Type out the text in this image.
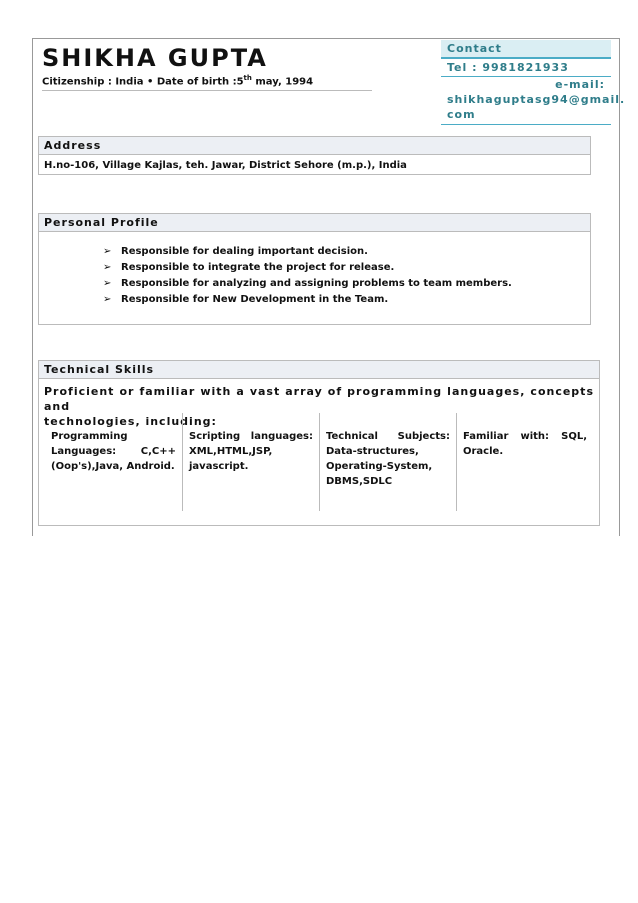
SHIKHA GUPTA
Citizenship : India • Date of birth :5th may, 1994
Contact
Tel : 9981821933
e-mail:
shikhaguptasg94@gmail.
com
Address
H.no-106, Village Kajlas, teh. Jawar, District Sehore (m.p.), India
Personal Profile
➢ Responsible for dealing important decision.
➢ Responsible to integrate the project for release.
➢ Responsible for analyzing and assigning problems to team members.
➢ Responsible for New Development in the Team.
Technical Skills
Proficient or familiar with a vast array of programming languages, concepts and
technologies, including:
Programming Languages: C,C++ (Oop's),Java, Android.
Scripting languages: XML,HTML,JSP, javascript.
Technical Subjects: Data-structures, Operating-System, DBMS,SDLC
Familiar with: SQL, Oracle.
